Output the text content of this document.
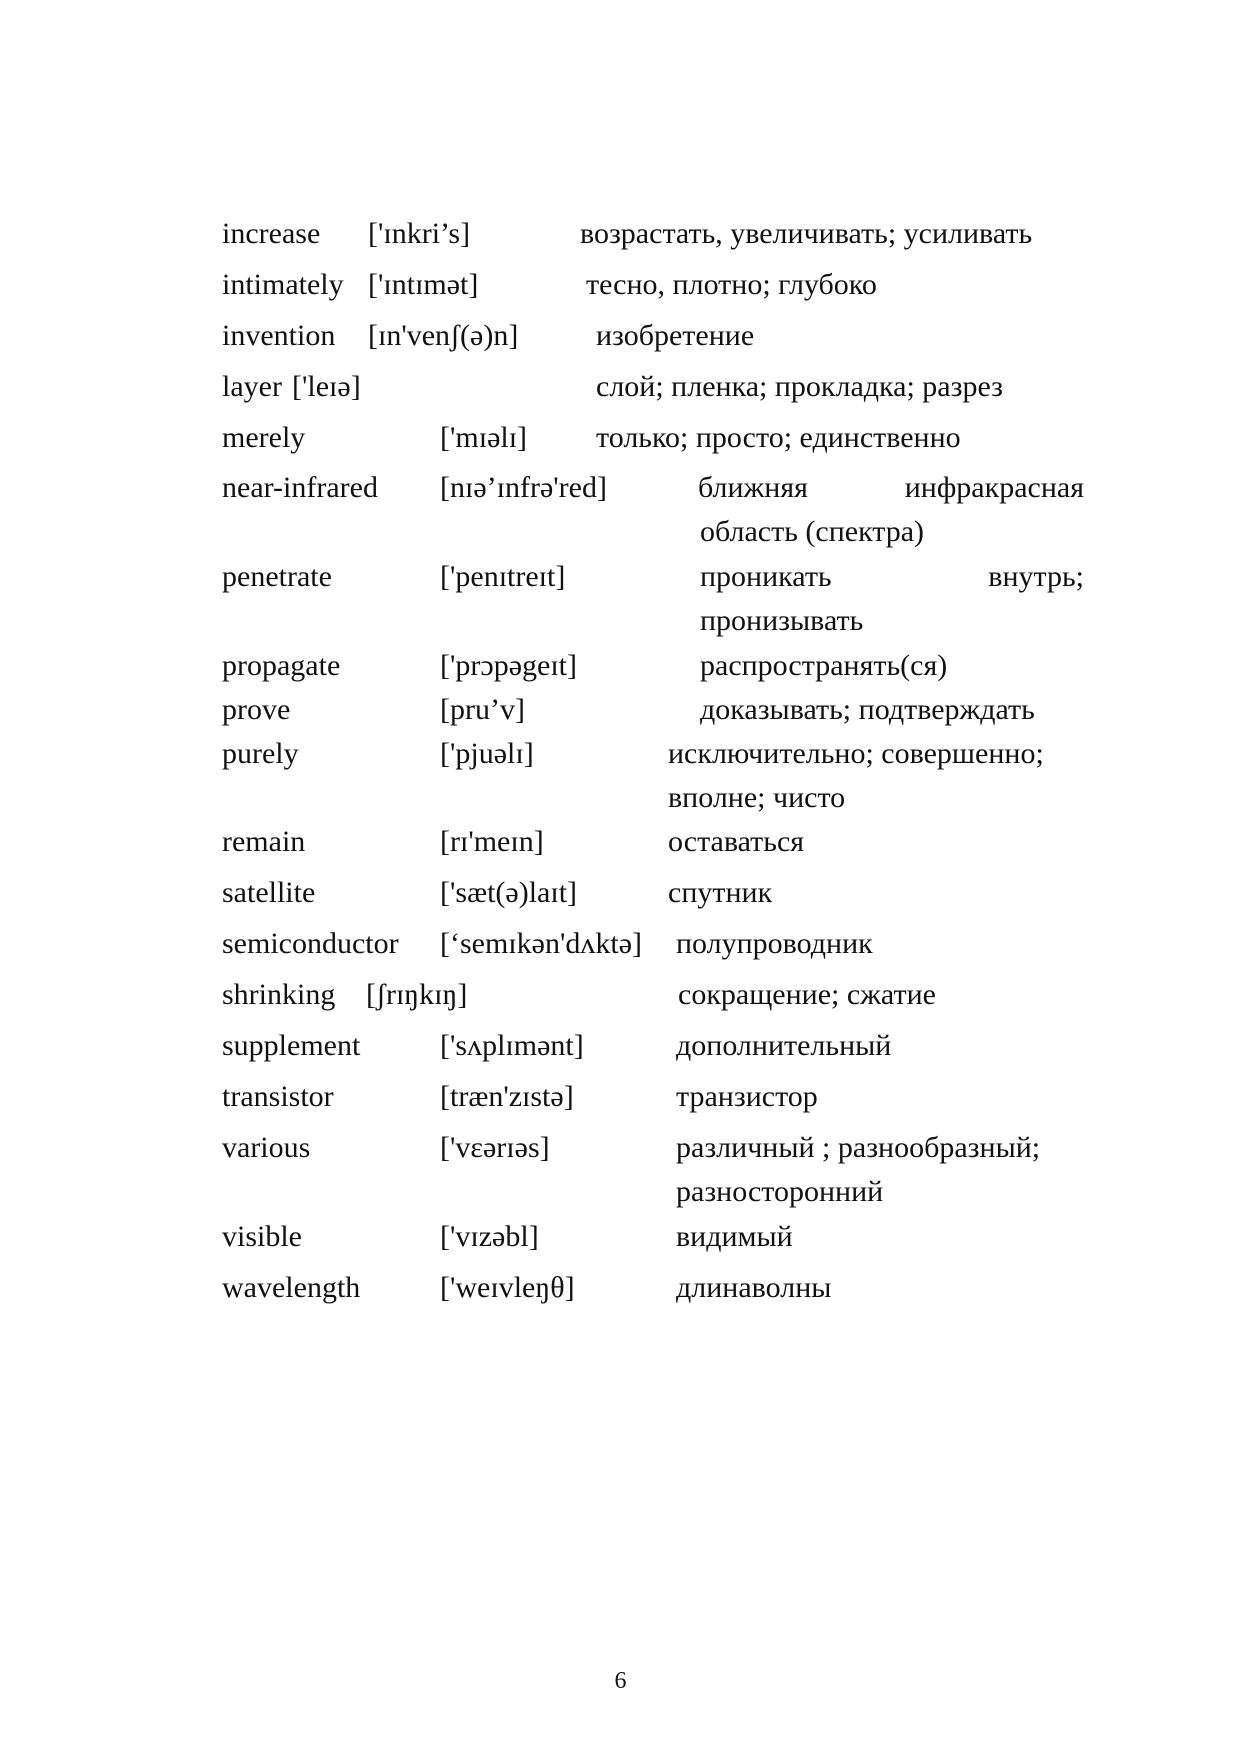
increase ['ɪnkri’s]	возрастать, увеличивать; усиливать
intimately ['ɪntɪmət]	тесно, плотно; глубоко
invention [ɪn'venʃ(ə)n]	изобретение
layer ['leɪə]	слой; пленка; прокладка; разрез
merely	['mɪəlɪ] только; просто; единственно
near-infrared [nɪə’ɪnfrə'red]	ближняя	инфракрасная
область (спектра)
penetrate	['penɪtreɪt]	проникать	внутрь;
пронизывать
propagate	['prɔpəgeɪt]	распространять(ся)
prove	[pru’v]	доказывать; подтверждать
purely	['pjuəlɪ]	исключительно; совершенно;
вполне; чисто
remain	[rɪ'meɪn]	оставаться
satellite	['sæt(ə)laɪt]	спутник
semiconductor [‘semɪkən'dʌktə] полупроводник
shrinking [ʃrɪŋkɪŋ]	сокращение; сжатие
supplement	['sʌplɪmənt]	дополнительный
transistor	[træn'zɪstə]	транзистор
various	['vɛərɪəs]	различный ; разнообразный;
разносторонний
visible	['vɪzəbl]	видимый
wavelength	['weɪvleŋθ]	длинаволны
6
